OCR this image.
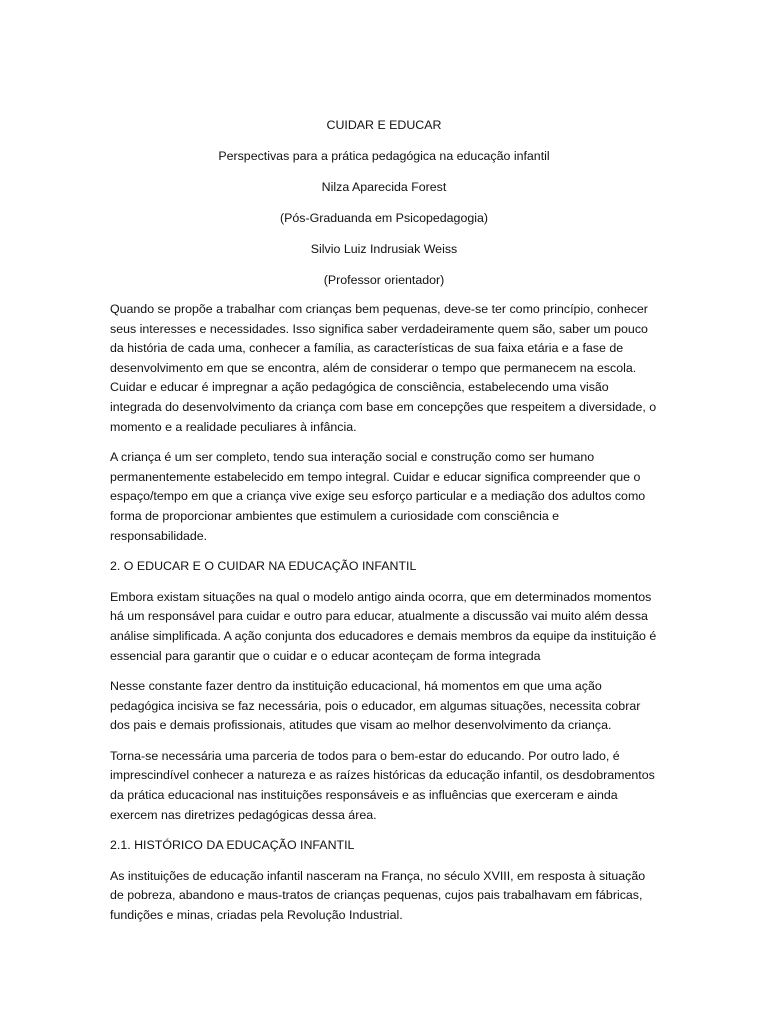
CUIDAR E EDUCAR
Perspectivas para a prática pedagógica na educação infantil
Nilza Aparecida Forest
(Pós-Graduanda em Psicopedagogia)
Silvio Luiz Indrusiak Weiss
(Professor orientador)

Quando se propõe a trabalhar com crianças bem pequenas, deve-se ter como princípio, conhecer seus interesses e necessidades. Isso significa saber verdadeiramente quem são, saber um pouco da história de cada uma, conhecer a família, as características de sua faixa etária e a fase de desenvolvimento em que se encontra, além de considerar o tempo que permanecem na escola. Cuidar e educar é impregnar a ação pedagógica de consciência, estabelecendo uma visão integrada do desenvolvimento da criança com base em concepções que respeitem a diversidade, o momento e a realidade peculiares à infância.

A criança é um ser completo, tendo sua interação social e construção como ser humano permanentemente estabelecido em tempo integral. Cuidar e educar significa compreender que o espaço/tempo em que a criança vive exige seu esforço particular e a mediação dos adultos como forma de proporcionar ambientes que estimulem a curiosidade com consciência e responsabilidade.

2. O EDUCAR E O CUIDAR NA EDUCAÇÃO INFANTIL

Embora existam situações na qual o modelo antigo ainda ocorra, que em determinados momentos há um responsável para cuidar e outro para educar, atualmente a discussão vai muito além dessa análise simplificada. A ação conjunta dos educadores e demais membros da equipe da instituição é essencial para garantir que o cuidar e o educar aconteçam de forma integrada

Nesse constante fazer dentro da instituição educacional, há momentos em que uma ação pedagógica incisiva se faz necessária, pois o educador, em algumas situações, necessita cobrar dos pais e demais profissionais, atitudes que visam ao melhor desenvolvimento da criança.

Torna-se necessária uma parceria de todos para o bem-estar do educando. Por outro lado, é imprescindível conhecer a natureza e as raízes históricas da educação infantil, os desdobramentos da prática educacional nas instituições responsáveis e as influências que exerceram e ainda exercem nas diretrizes pedagógicas dessa área.

2.1. HISTÓRICO DA EDUCAÇÃO INFANTIL

As instituições de educação infantil nasceram na França, no século XVIII, em resposta à situação de pobreza, abandono e maus-tratos de crianças pequenas, cujos pais trabalhavam em fábricas, fundições e minas, criadas pela Revolução Industrial.
